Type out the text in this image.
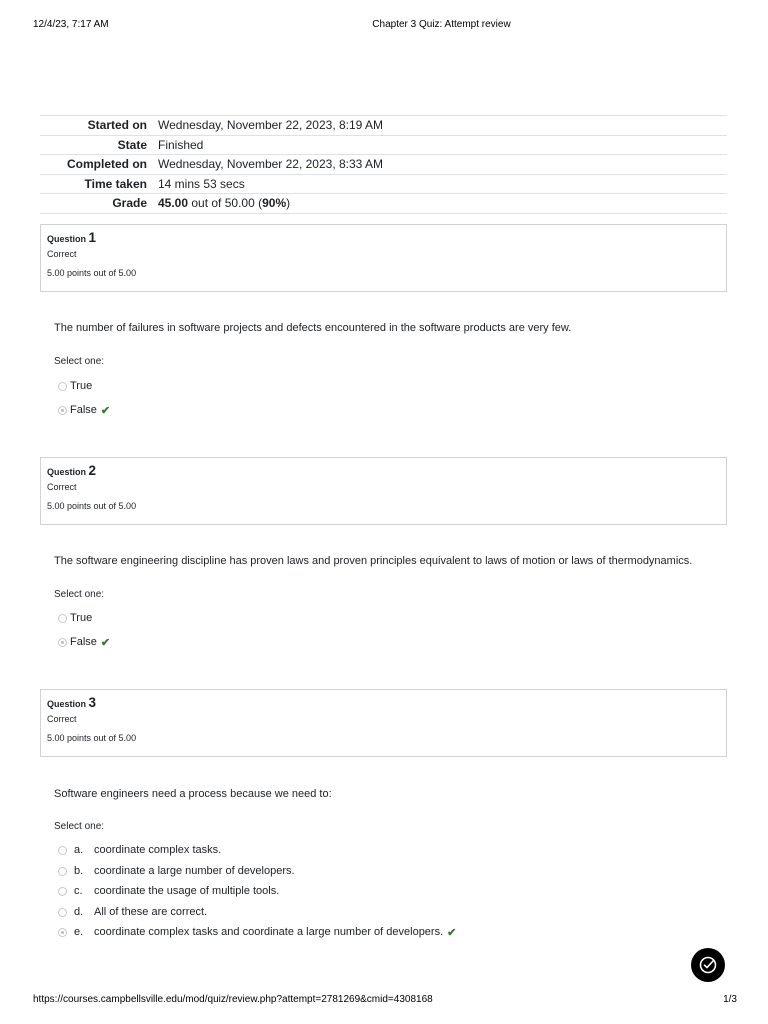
12/4/23, 7:17 AM	Chapter 3 Quiz: Attempt review
Started on	Wednesday, November 22, 2023, 8:19 AM
State	Finished
Completed on	Wednesday, November 22, 2023, 8:33 AM
Time taken	14 mins 53 secs
Grade	45.00 out of 50.00 (90%)
Question 1
Correct
5.00 points out of 5.00
The number of failures in software projects and defects encountered in the software products are very few.
Select one:
True
False ✔
Question 2
Correct
5.00 points out of 5.00
The software engineering discipline has proven laws and proven principles equivalent to laws of motion or laws of thermodynamics.
Select one:
True
False ✔
Question 3
Correct
5.00 points out of 5.00
Software engineers need a process because we need to:
Select one:
a. coordinate complex tasks.
b. coordinate a large number of developers.
c.	coordinate the usage of multiple tools.
d. All of these are correct.
e. coordinate complex tasks and coordinate a large number of developers. ✔
https://courses.campbellsville.edu/mod/quiz/review.php?attempt=2781269&cmid=4308168	1/3
